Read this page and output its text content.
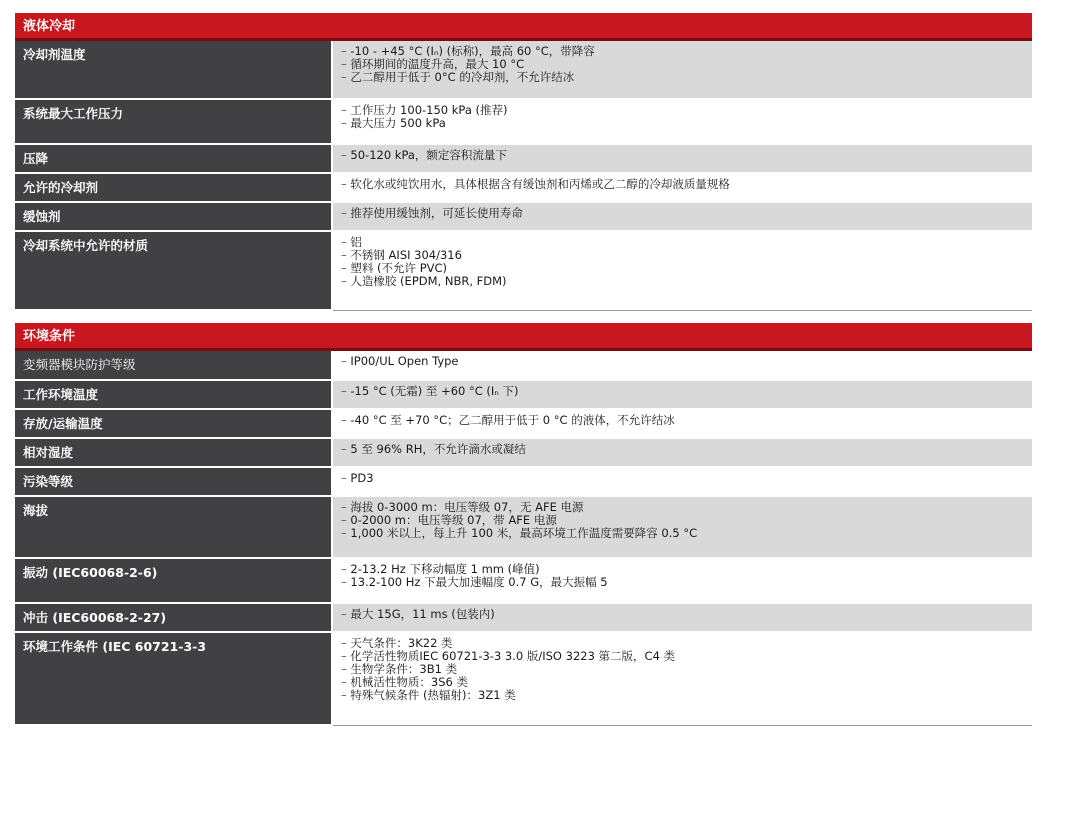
液体冷却
冷却剂温度	– -10 - +45 °C (Iₙ) (标称)，最高 60 °C，带降容
– 循环期间的温度升高，最大 10 °C
– 乙二醇用于低于 0°C 的冷却剂，不允许结冰

系统最大工作压力	– 工作压力 100-150 kPa (推荐)
– 最大压力 500 kPa

压降	– 50-120 kPa，额定容积流量下

允许的冷却剂	– 软化水或纯饮用水，具体根据含有缓蚀剂和丙烯或乙二醇的冷却液质量规格

缓蚀剂	– 推荐使用缓蚀剂，可延长使用寿命

冷却系统中允许的材质	– 铝
– 不锈钢 AISI 304/316
– 塑料 (不允许 PVC)
– 人造橡胶 (EPDM, NBR, FDM)
环境条件
变频器模块防护等级	– IP00/UL Open Type

工作环境温度	– -15 °C (无霜) 至 +60 °C (Iₙ 下)

存放/运输温度	– -40 °C 至 +70 °C；乙二醇用于低于 0 °C 的液体，不允许结冰

相对湿度	– 5 至 96% RH，不允许滴水或凝结

污染等级	– PD3

海拔	– 海拔 0-3000 m：电压等级 07，无 AFE 电源
– 0-2000 m：电压等级 07，带 AFE 电源
– 1,000 米以上，每上升 100 米，最高环境工作温度需要降容 0.5 °C

振动 (IEC60068-2-6)	– 2-13.2 Hz 下移动幅度 1 mm (峰值)
– 13.2-100 Hz 下最大加速幅度 0.7 G，最大振幅 5

冲击 (IEC60068-2-27)	– 最大 15G，11 ms (包装内)

环境工作条件 (IEC 60721-3-3	– 天气条件：3K22 类
– 化学活性物质IEC 60721-3-3 3.0 版/ISO 3223 第二版，C4 类
– 生物学条件：3B1 类
– 机械活性物质：3S6 类
– 特殊气候条件 (热辐射)：3Z1 类
